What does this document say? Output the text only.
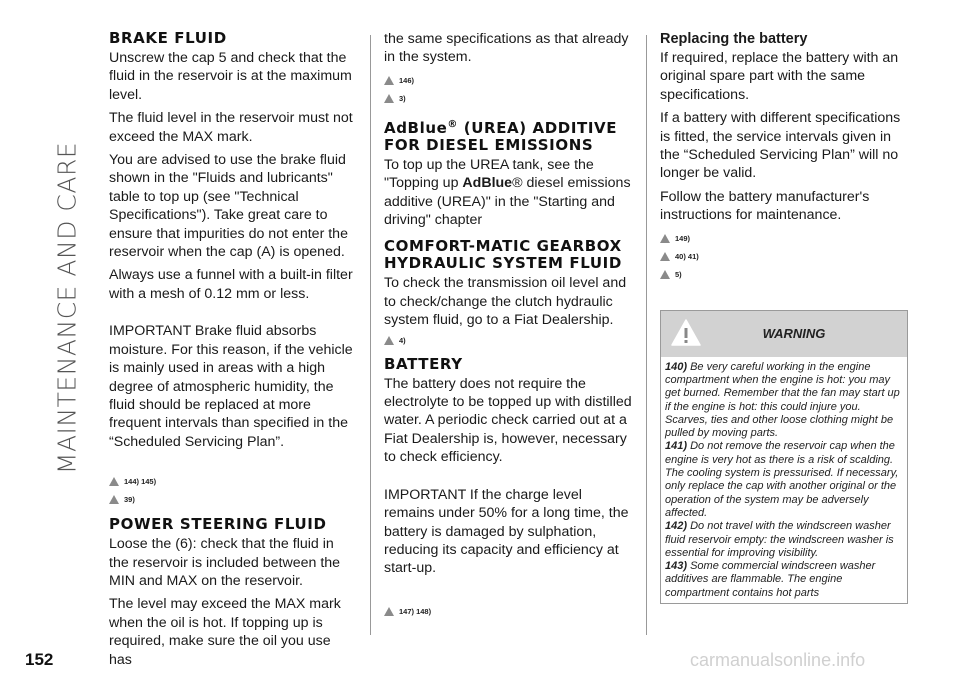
MAINTENANCE AND CARE
BRAKE FLUID

Unscrew the cap 5 and check that the fluid in the reservoir is at the maximum level.

The fluid level in the reservoir must not exceed the MAX mark.

You are advised to use the brake fluid shown in the "Fluids and lubricants" table to top up (see "Technical Specifications"). Take great care to ensure that impurities do not enter the reservoir when the cap (A) is opened.

Always use a funnel with a built-in filter with a mesh of 0.12 mm or less.

IMPORTANT Brake fluid absorbs moisture. For this reason, if the vehicle is mainly used in areas with a high degree of atmospheric humidity, the fluid should be replaced at more frequent intervals than specified in the “Scheduled Servicing Plan”.

144) 145)
39)
POWER STEERING FLUID

Loose the (6): check that the fluid in the reservoir is included between the MIN and MAX on the reservoir.

The level may exceed the MAX mark when the oil is hot. If topping up is required, make sure the oil you use has

the same specifications as that already in the system.

146)
3)
AdBlue® (UREA) ADDITIVE FOR DIESEL EMISSIONS

To top up the UREA tank, see the "Topping up AdBlue® diesel emissions additive (UREA)" in the "Starting and driving" chapter

COMFORT-MATIC GEARBOX HYDRAULIC SYSTEM FLUID

To check the transmission oil level and to check/change the clutch hydraulic system fluid, go to a Fiat Dealership.

4)
BATTERY

The battery does not require the electrolyte to be topped up with distilled water. A periodic check carried out at a Fiat Dealership is, however, necessary to check efficiency.

IMPORTANT If the charge level remains under 50% for a long time, the battery is damaged by sulphation, reducing its capacity and efficiency at start-up.

147) 148)
Replacing the battery

If required, replace the battery with an original spare part with the same specifications.

If a battery with different specifications is fitted, the service intervals given in the “Scheduled Servicing Plan” will no longer be valid.

Follow the battery manufacturer's instructions for maintenance.

149)
40) 41)
5)
WARNING

140) Be very careful working in the engine compartment when the engine is hot: you may get burned. Remember that the fan may start up if the engine is hot: this could injure you. Scarves, ties and other loose clothing might be pulled by moving parts.

141) Do not remove the reservoir cap when the engine is very hot as there is a risk of scalding. The cooling system is pressurised. If necessary, only replace the cap with another original or the operation of the system may be adversely affected.

142) Do not travel with the windscreen washer fluid reservoir empty: the windscreen washer is essential for improving visibility.

143) Some commercial windscreen washer additives are flammable. The engine compartment contains hot parts

152	carmanualsonline.info
